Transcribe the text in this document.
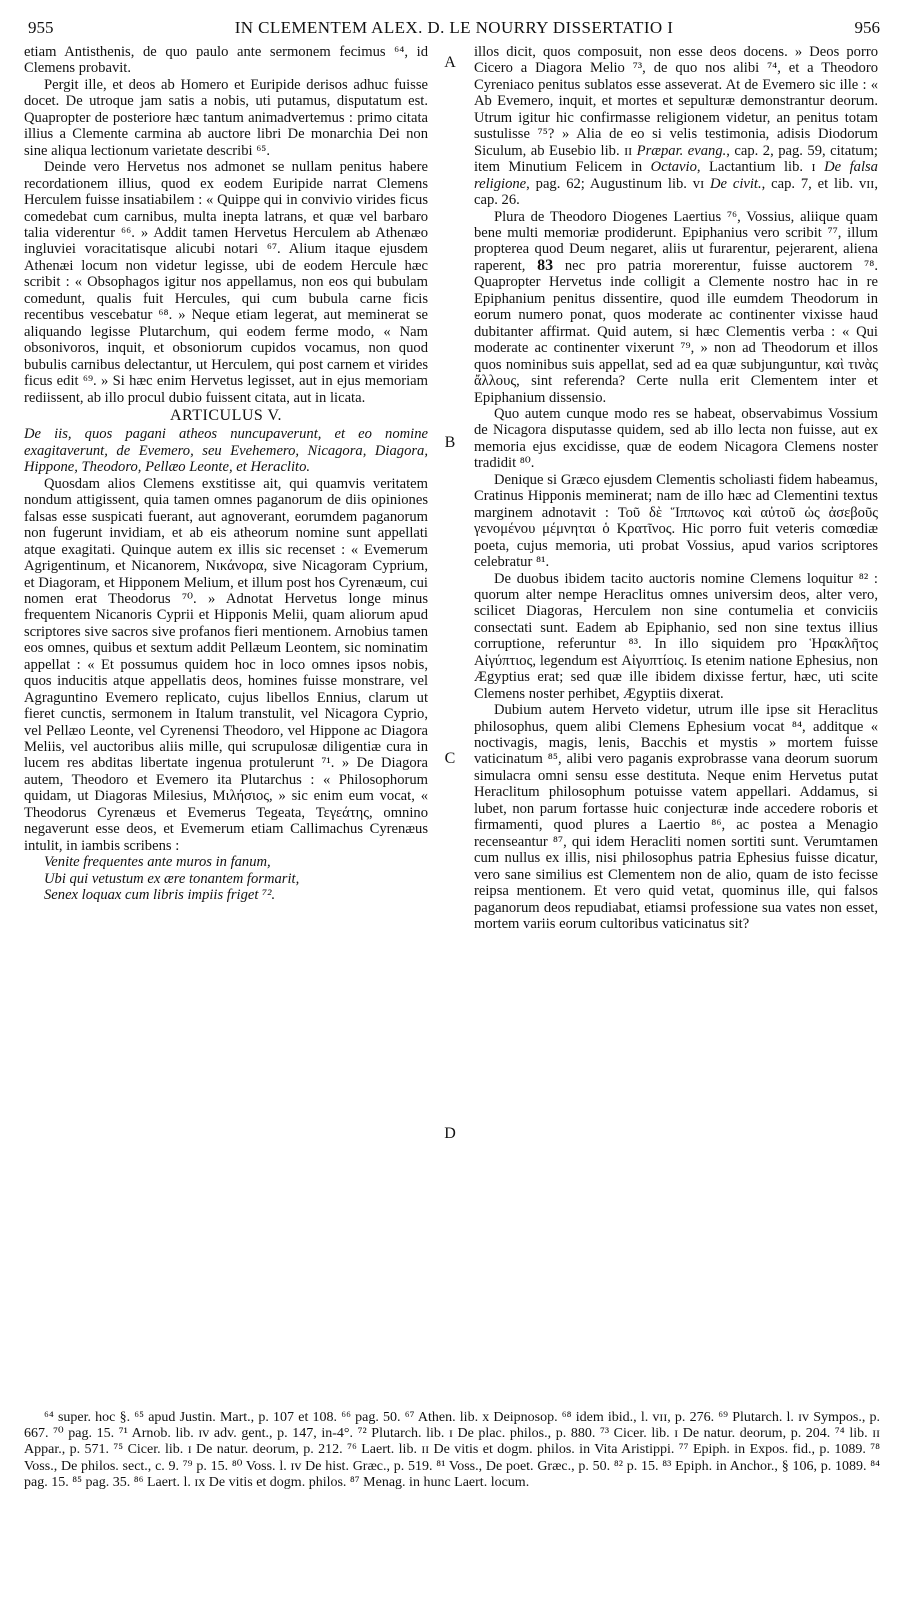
955	IN CLEMENTEM ALEX. D. LE NOURRY DISSERTATIO I	956
A
B
C
D

etiam Antisthenis, de quo paulo ante sermonem fecimus ⁶⁴, id Clemens probavit.

Pergit ille, et deos ab Homero et Euripide derisos adhuc fuisse docet. De utroque jam satis a nobis, uti putamus, disputatum est. Quapropter de posteriore hæc tantum animadvertemus : primo citata illius a Clemente carmina ab auctore libri De monarchia Dei non sine aliqua lectionum varietate describi ⁶⁵.

Deinde vero Hervetus nos admonet se nullam penitus habere recordationem illius, quod ex eodem Euripide narrat Clemens Herculem fuisse insatiabilem : « Quippe qui in convivio virides ficus comedebat cum carnibus, multa inepta latrans, et quæ vel barbaro talia viderentur ⁶⁶. » Addit tamen Hervetus Herculem ab Athenæo ingluviei voracitatisque alicubi notari ⁶⁷. Alium itaque ejusdem Athenæi locum non videtur legisse, ubi de eodem Hercule hæc scribit : « Obsophagos igitur nos appellamus, non eos qui bubulam comedunt, qualis fuit Hercules, qui cum bubula carne ficis recentibus vescebatur ⁶⁸. » Neque etiam legerat, aut meminerat se aliquando legisse Plutarchum, qui eodem ferme modo, « Nam obsonivoros, inquit, et obsoniorum cupidos vocamus, non quod bubulis carnibus delectantur, ut Herculem, qui post carnem et virides ficus edit ⁶⁹. » Si hæc enim Hervetus legisset, aut in ejus memoriam rediissent, ab illo procul dubio fuissent citata, aut in licata.

ARTICULUS V.

De iis, quos pagani atheos nuncupaverunt, et eo nomine exagitaverunt, de Evemero, seu Evehemero, Nicagora, Diagora, Hippone, Theodoro, Pellæo Leonte, et Heraclito.

Quosdam alios Clemens exstitisse ait, qui quamvis veritatem nondum attigissent, quia tamen omnes paganorum de diis opiniones falsas esse suspicati fuerant, aut agnoverant, eorumdem paganorum non fugerunt invidiam, et ab eis atheorum nomine sunt appellati atque exagitati. Quinque autem ex illis sic recenset : « Evemerum Agrigentinum, et Nicanorem, Νικάνορα, sive Nicagoram Cyprium, et Diagoram, et Hipponem Melium, et illum post hos Cyrenæum, cui nomen erat Theodorus ⁷⁰. » Adnotat Hervetus longe minus frequentem Nicanoris Cyprii et Hipponis Melii, quam aliorum apud scriptores sive sacros sive profanos fieri mentionem. Arnobius tamen eos omnes, quibus et sextum addit Pellæum Leontem, sic nominatim appellat : « Et possumus quidem hoc in loco omnes ipsos nobis, quos inducitis atque appellatis deos, homines fuisse monstrare, vel Agraguntino Evemero replicato, cujus libellos Ennius, clarum ut fieret cunctis, sermonem in Italum transtulit, vel Nicagora Cyprio, vel Pellæo Leonte, vel Cyrenensi Theodoro, vel Hippone ac Diagora Meliis, vel auctoribus aliis mille, qui scrupulosæ diligentiæ cura in lucem res abditas libertate ingenua protulerunt ⁷¹. » De Diagora autem, Theodoro et Evemero ita Plutarchus : « Philosophorum quidam, ut Diagoras Milesius, Μιλήσιος, » sic enim eum vocat, « Theodorus Cyrenæus et Evemerus Tegeata, Τεγεάτης, omnino negaverunt esse deos, et Evemerum etiam Callimachus Cyrenæus intulit, in iambis scribens :

Venite frequentes ante muros in fanum,
Ubi qui vetustum ex ære tonantem formarit,
Senex loquax cum libris impiis friget ⁷².

illos dicit, quos composuit, non esse deos docens. » Deos porro Cicero a Diagora Melio ⁷³, de quo nos alibi ⁷⁴, et a Theodoro Cyreniaco penitus sublatos esse asseverat. At de Evemero sic ille : « Ab Evemero, inquit, et mortes et sepulturæ demonstrantur deorum. Utrum igitur hic confirmasse religionem videtur, an penitus totam sustulisse ⁷⁵? » Alia de eo si velis testimonia, adisis Diodorum Siculum, ab Eusebio lib. ɪɪ Præpar. evang., cap. 2, pag. 59, citatum; item Minutium Felicem in Octavio, Lactantium lib. ɪ De falsa religione, pag. 62; Augustinum lib. ᴠɪ De civit., cap. 7, et lib. ᴠɪɪ, cap. 26.

Plura de Theodoro Diogenes Laertius ⁷⁶, Vossius, aliique quam bene multi memoriæ prodiderunt. Epiphanius vero scribit ⁷⁷, illum propterea quod Deum negaret, aliis ut furarentur, pejerarent, aliena raperent, 83 nec pro patria morerentur, fuisse auctorem ⁷⁸. Quapropter Hervetus inde colligit a Clemente nostro hac in re Epiphanium penitus dissentire, quod ille eumdem Theodorum in eorum numero ponat, quos moderate ac continenter vixisse haud dubitanter affirmat. Quid autem, si hæc Clementis verba : « Qui moderate ac continenter vixerunt ⁷⁹, » non ad Theodorum et illos quos nominibus suis appellat, sed ad ea quæ subjunguntur, καὶ τινὰς ἄλλους, sint referenda? Certe nulla erit Clementem inter et Epiphanium dissensio.

Quo autem cunque modo res se habeat, observabimus Vossium de Nicagora disputasse quidem, sed ab illo lecta non fuisse, aut ex memoria ejus excidisse, quæ de eodem Nicagora Clemens noster tradidit ⁸⁰.

Denique si Græco ejusdem Clementis scholiasti fidem habeamus, Cratinus Hipponis meminerat; nam de illo hæc ad Clementini textus marginem adnotavit : Τοῦ δὲ Ἵππωνος καὶ αὐτοῦ ὡς ἀσεβοῦς γενομένου μέμνηται ὁ Κρατῖνος. Hic porro fuit veteris comœdiæ poeta, cujus memoria, uti probat Vossius, apud varios scriptores celebratur ⁸¹.

De duobus ibidem tacito auctoris nomine Clemens loquitur ⁸² : quorum alter nempe Heraclitus omnes universim deos, alter vero, scilicet Diagoras, Herculem non sine contumelia et conviciis consectati sunt. Eadem ab Epiphanio, sed non sine textus illius corruptione, referuntur ⁸³. In illo siquidem pro Ἡρακλῆτος Αἰγύπτιος, legendum est Αἰγυπτίοις. Is etenim natione Ephesius, non Ægyptius erat; sed quæ ille ibidem dixisse fertur, hæc, uti scite Clemens noster perhibet, Ægyptiis dixerat.

Dubium autem Herveto videtur, utrum ille ipse sit Heraclitus philosophus, quem alibi Clemens Ephesium vocat ⁸⁴, additque « noctivagis, magis, lenis, Bacchis et mystis » mortem fuisse vaticinatum ⁸⁵, alibi vero paganis exprobrasse vana deorum suorum simulacra omni sensu esse destituta. Neque enim Hervetus putat Heraclitum philosophum potuisse vatem appellari. Addamus, si lubet, non parum fortasse huic conjecturæ inde accedere roboris et firmamenti, quod plures a Laertio ⁸⁶, ac postea a Menagio recenseantur ⁸⁷, qui idem Heracliti nomen sortiti sunt. Verumtamen cum nullus ex illis, nisi philosophus patria Ephesius fuisse dicatur, vero sane similius est Clementem non de alio, quam de isto fecisse reipsa mentionem. Et vero quid vetat, quominus ille, qui falsos paganorum deos repudiabat, etiamsi professione sua vates non esset, mortem variis eorum cultoribus vaticinatus sit?

⁶⁴ super. hoc §. ⁶⁵ apud Justin. Mart., p. 107 et 108. ⁶⁶ pag. 50. ⁶⁷ Athen. lib. x Deipnosop. ⁶⁸ idem ibid., l. ᴠɪɪ, p. 276. ⁶⁹ Plutarch. l. ɪᴠ Sympos., p. 667. ⁷⁰ pag. 15. ⁷¹ Arnob. lib. ɪᴠ adv. gent., p. 147, in-4°. ⁷² Plutarch. lib. ɪ De plac. philos., p. 880. ⁷³ Cicer. lib. ɪ De natur. deorum, p. 204. ⁷⁴ lib. ɪɪ Appar., p. 571. ⁷⁵ Cicer. lib. ɪ De natur. deorum, p. 212. ⁷⁶ Laert. lib. ɪɪ De vitis et dogm. philos. in Vita Aristippi. ⁷⁷ Epiph. in Expos. fid., p. 1089. ⁷⁸ Voss., De philos. sect., c. 9. ⁷⁹ p. 15. ⁸⁰ Voss. l. ɪᴠ De hist. Græc., p. 519. ⁸¹ Voss., De poet. Græc., p. 50. ⁸² p. 15. ⁸³ Epiph. in Anchor., § 106, p. 1089. ⁸⁴ pag. 15. ⁸⁵ pag. 35. ⁸⁶ Laert. l. ɪx De vitis et dogm. philos. ⁸⁷ Menag. in hunc Laert. locum.
